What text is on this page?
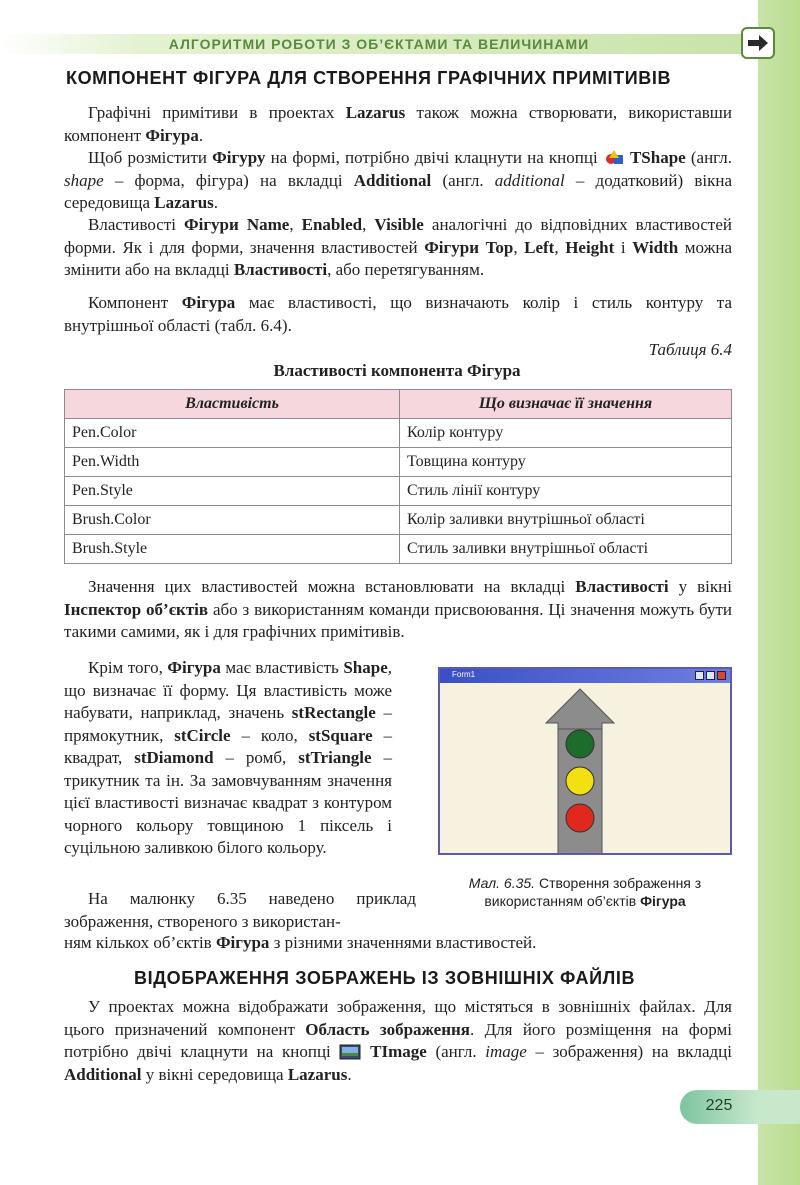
АЛГОРИТМИ РОБОТИ З ОБ’ЄКТАМИ ТА ВЕЛИЧИНАМИ
КОМПОНЕНТ ФІГУРА ДЛЯ СТВОРЕННЯ ГРАФІЧНИХ ПРИМІТИВІВ

Графічні примітиви в проектах Lazarus також можна створювати, використавши компонент Фігура.

Щоб розмістити Фігуру на формі, потрібно двічі клацнути на кнопці  TShape (англ. shape – форма, фігура) на вкладці Additional (англ. additional – додатковий) вікна середовища Lazarus.

Властивості Фігури Name, Enabled, Visible аналогічні до відповідних властивостей форми. Як і для форми, значення властивостей Фігури Top, Left, Height і Width можна змінити або на вкладці Властивості, або перетягуванням.

Компонент Фігура має властивості, що визначають колір і стиль контуру та внутрішньої області (табл. 6.4).

Таблиця 6.4
Властивості компонента Фігура
Властивість	Що визначає її значення
Pen.Color	Колір контуру
Pen.Width	Товщина контуру
Pen.Style	Стиль лінії контуру
Brush.Color	Колір заливки внутрішньої області
Brush.Style	Стиль заливки внутрішньої області

Значення цих властивостей можна встановлювати на вкладці Властивості у вікні Інспектор об’єктів або з використанням команди присвоювання. Ці значення можуть бути такими самими, як і для графічних примітивів.

Крім того, Фігура має властивість Shape, що визначає її форму. Ця властивість може набувати, наприклад, значень stRectangle – прямокутник, stCircle – коло, stSquare – квадрат, stDiamond – ромб, stTriangle – трикутник та ін. За замовчуванням значення цієї властивості визначає квадрат з контуром чорного кольору товщиною 1 піксель і суцільною заливкою білого кольору.

На малюнку 6.35 наведено приклад зображення, створеного з використан-

ням кількох об’єктів Фігура з різними значеннями властивостей.

Form1
Мал. 6.35. Створення зображення з використанням об’єктів Фігура
ВІДОБРАЖЕННЯ ЗОБРАЖЕНЬ ІЗ ЗОВНІШНІХ ФАЙЛІВ

У проектах можна відображати зображення, що містяться в зовнішніх файлах. Для цього призначений компонент Область зображення. Для його розміщення на формі потрібно двічі клацнути на кнопці  TImage (англ. image – зображення) на вкладці Additional у вікні середовища Lazarus.

225
